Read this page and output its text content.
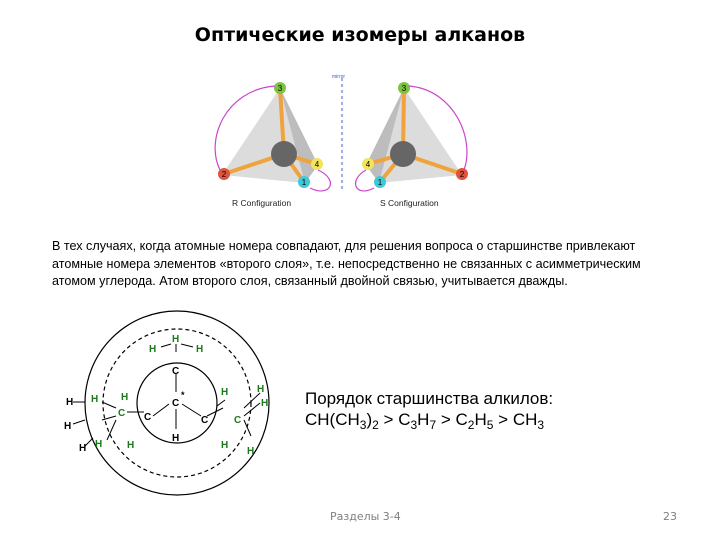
Оптические изомеры алканов
3
2
4
1
R Configuration
mirror
3
2
4
1
S Configuration
В тех случаях, когда атомные номера совпадают, для решения вопроса о старшинстве привлекают атомные номера элементов «второго слоя», т.е. непосредственно не связанных с асимметрическим атомом углерода. Атом второго слоя, связанный двойной связью, учитывается дважды.
H
H	H
C
C
*
H
C	C
C
C
H
H
H	H
H
H
H
H
H
H
H
H
Порядок старшинства алкилов:
$CH(CH_3)_2 > C_3H_7 > C_2H_5 > CH_3$
Разделы 3-4	23
